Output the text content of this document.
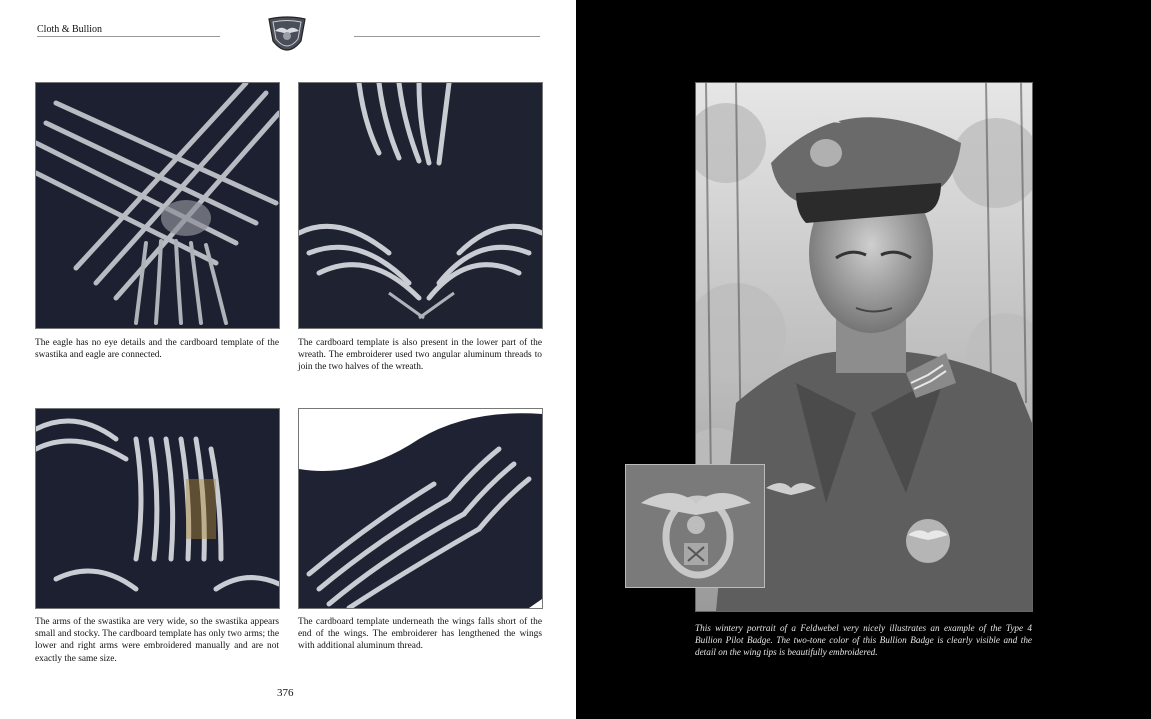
Cloth & Bullion

The eagle has no eye details and the cardboard template of the swastika and eagle are connected.

The cardboard template is also present in the lower part of the wreath. The embroiderer used two angular aluminum threads to join the two halves of the wreath.

The arms of the swastika are very wide, so the swastika appears small and stocky. The cardboard template has only two arms; the lower and right arms were embroidered manually and are not exactly the same size.

The cardboard template underneath the wings falls short of the end of the wings. The embroiderer has lengthened the wings with additional aluminum thread.

376

This wintery portrait of a Feldwebel very nicely illustrates an example of the Type 4 Bullion Pilot Badge. The two-tone color of this Bullion Badge is clearly visible and the detail on the wing tips is beautifully embroidered.
